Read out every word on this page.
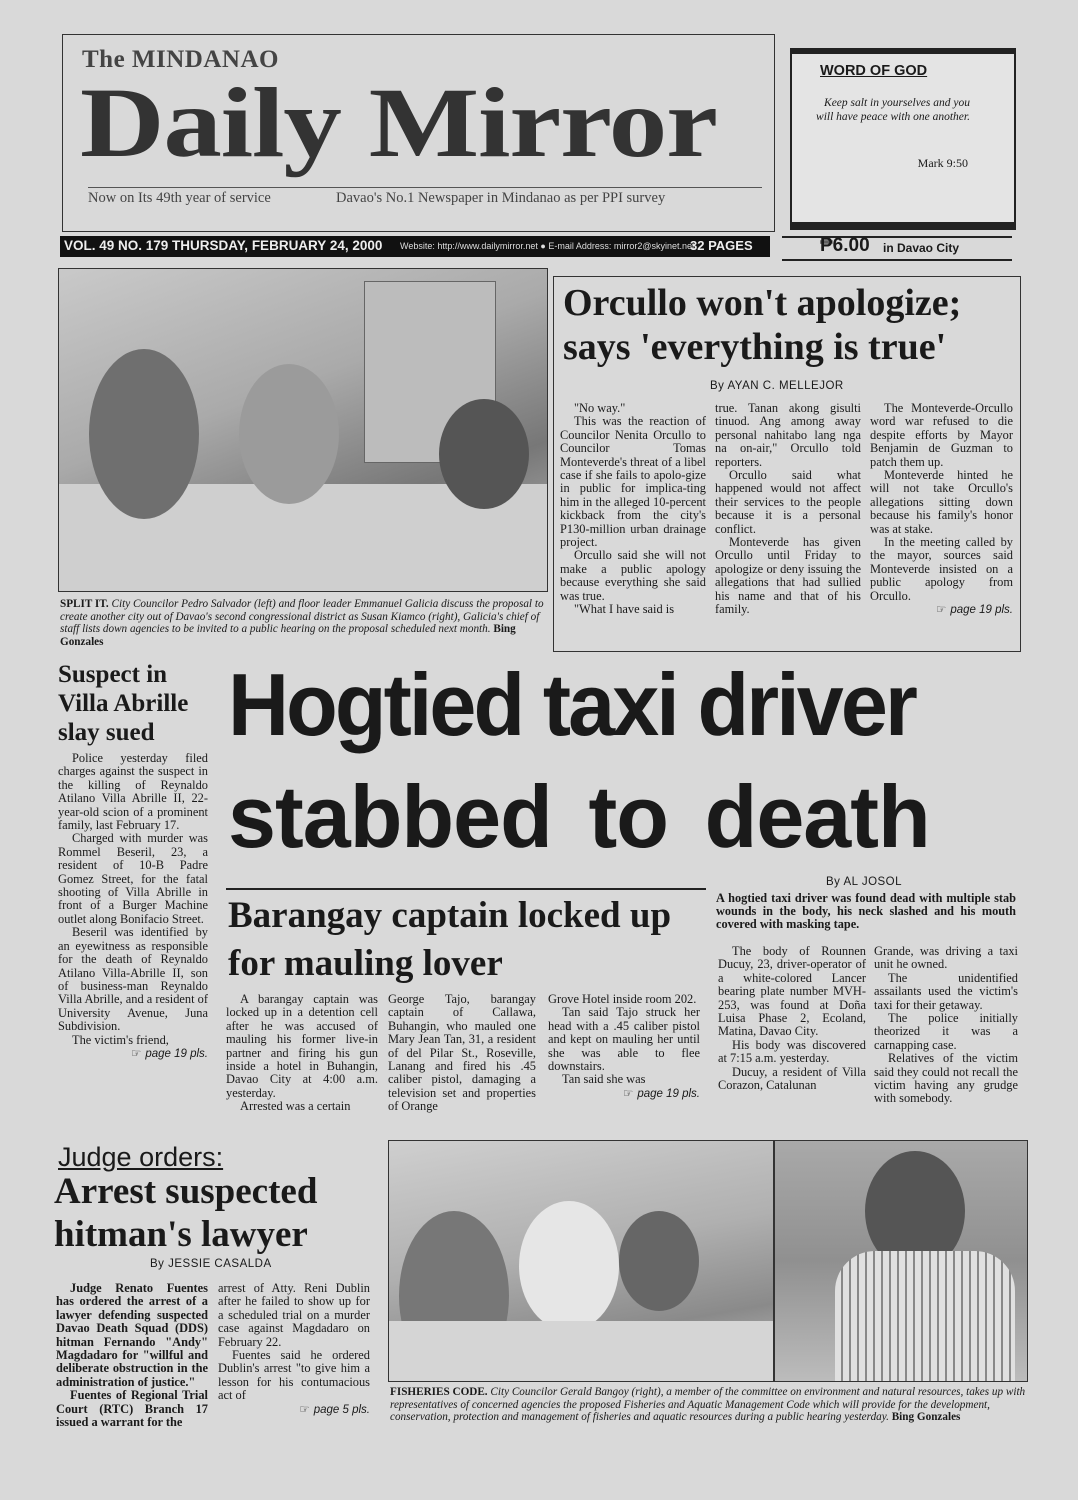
The MINDANAO
Daily Mirror
Now on Its 49th year of service	Davao's No.1 Newspaper in Mindanao as per PPI survey
WORD OF GOD
Keep salt in yourselves and you will have peace with one another.
Mark 9:50
VOL. 49 NO. 179 THURSDAY, FEBRUARY 24, 2000 Website: http://www.dailymirror.net ● E-mail Address: mirror2@skyinet.net
32 PAGES	₱6.00 in Davao City
SPLIT IT. City Councilor Pedro Salvador (left) and floor leader Emmanuel Galicia discuss the proposal to create another city out of Davao's second congressional district as Susan Kiamco (right), Galicia's chief of staff lists down agencies to be invited to a public hearing on the proposal scheduled next month. Bing Gonzales
Orcullo won't apologize; says 'everything is true'
By AYAN C. MELLEJOR

"No way."

This was the reaction of Councilor Nenita Orcullo to Councilor Tomas Monteverde's threat of a libel case if she fails to apolo-gize in public for implica-ting him in the alleged 10-percent kickback from the city's P130-million urban drainage project.

Orcullo said she will not make a public apology because everything she said was true.

"What I have said is

true. Tanan akong gisulti tinuod. Ang among away personal nahitabo lang nga na on-air," Orcullo told reporters.

Orcullo said what happened would not affect their services to the people because it is a personal conflict.

Monteverde has given Orcullo until Friday to apologize or deny issuing the allegations that had sullied his name and that of his family.

The Monteverde-Orcullo word war refused to die despite efforts by Mayor Benjamin de Guzman to patch them up.

Monteverde hinted he will not take Orcullo's allegations sitting down because his family's honor was at stake.

In the meeting called by the mayor, sources said Monteverde insisted on a public apology from Orcullo.

☞ page 19 pls.
Suspect in Villa Abrille slay sued

Police yesterday filed charges against the suspect in the killing of Reynaldo Atilano Villa Abrille II, 22-year-old scion of a prominent family, last February 17.

Charged with murder was Rommel Beseril, 23, a resident of 10-B Padre Gomez Street, for the fatal shooting of Villa Abrille in front of a Burger Machine outlet along Bonifacio Street.

Beseril was identified by an eyewitness as responsible for the death of Reynaldo Atilano Villa-Abrille II, son of business-man Reynaldo Villa Abrille, and a resident of University Avenue, Juna Subdivision.

The victim's friend,

☞ page 19 pls.
Hogtied taxi driver
stabbed to death
By AL JOSOL
A hogtied taxi driver was found dead with multiple stab wounds in the body, his neck slashed and his mouth covered with masking tape.

The body of Rounnen Ducuy, 23, driver-operator of a white-colored Lancer bearing plate number MVH-253, was found at Doña Luisa Phase 2, Ecoland, Matina, Davao City.

His body was discovered at 7:15 a.m. yesterday.

Ducuy, a resident of Villa Corazon, Catalunan

Grande, was driving a taxi unit he owned.

The unidentified assailants used the victim's taxi for their getaway.

The police initially theorized it was a carnapping case.

Relatives of the victim said they could not recall the victim having any grudge with somebody.

Barangay captain locked up for mauling lover

A barangay captain was locked up in a detention cell after he was accused of mauling his former live-in partner and firing his gun inside a hotel in Buhangin, Davao City at 4:00 a.m. yesterday.

Arrested was a certain

George Tajo, barangay captain of Callawa, Buhangin, who mauled one Mary Jean Tan, 31, a resident of del Pilar St., Roseville, Lanang and fired his .45 caliber pistol, damaging a television set and properties of Orange

Grove Hotel inside room 202.

Tan said Tajo struck her head with a .45 caliber pistol and kept on mauling her until she was able to flee downstairs.

Tan said she was

☞ page 19 pls.
Judge orders:
Arrest suspected hitman's lawyer
By JESSIE CASALDA

Judge Renato Fuentes has ordered the arrest of a lawyer defending suspected Davao Death Squad (DDS) hitman Fernando "Andy" Magdadaro for "willful and deliberate obstruction in the administration of justice."

Fuentes of Regional Trial Court (RTC) Branch 17 issued a warrant for the

arrest of Atty. Reni Dublin after he failed to show up for a scheduled trial on a murder case against Magdadaro on February 22.

Fuentes said he ordered Dublin's arrest "to give him a lesson for his contumacious act of

☞ page 5 pls.
FISHERIES CODE. City Councilor Gerald Bangoy (right), a member of the committee on environment and natural resources, takes up with representatives of concerned agencies the proposed Fisheries and Aquatic Management Code which will provide for the development, conservation, protection and management of fisheries and aquatic resources during a public hearing yesterday. Bing Gonzales
